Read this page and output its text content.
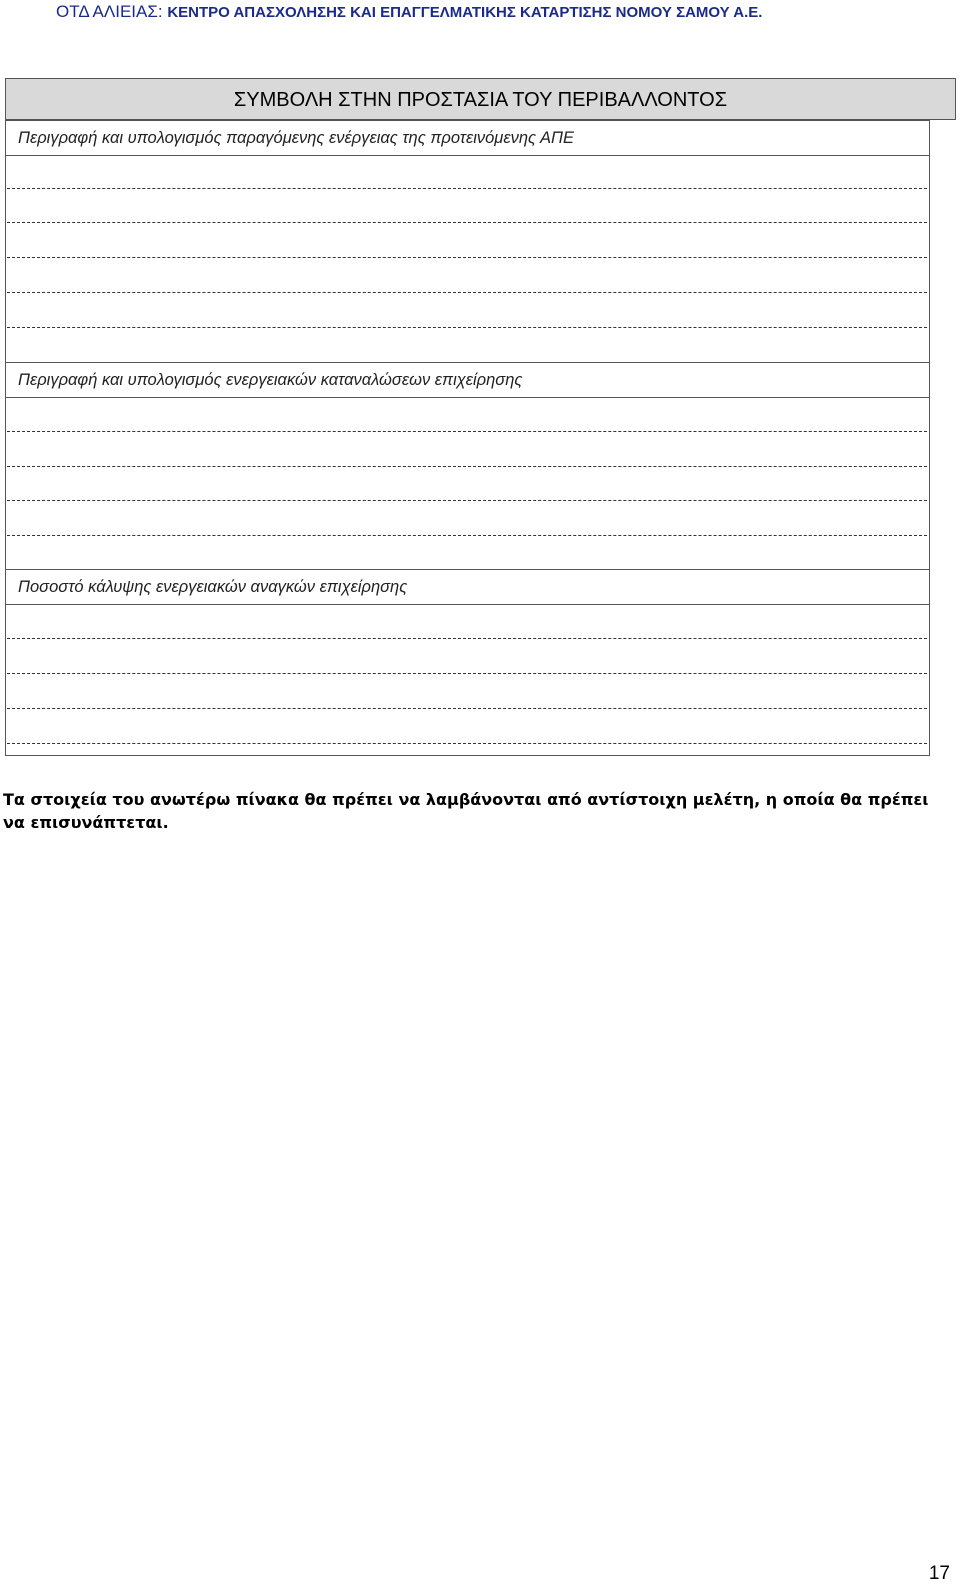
ΟΤΔ ΑΛΙΕΙΑΣ: ΚΕΝΤΡΟ ΑΠΑΣΧΟΛΗΣΗΣ ΚΑΙ ΕΠΑΓΓΕΛΜΑΤΙΚΗΣ ΚΑΤΑΡΤΙΣΗΣ ΝΟΜΟΥ ΣΑΜΟΥ Α.Ε.
ΣΥΜΒΟΛΗ ΣΤΗΝ ΠΡΟΣΤΑΣΙΑ ΤΟΥ ΠΕΡΙΒΑΛΛΟΝΤΟΣ
Περιγραφή και υπολογισμός παραγόμενης ενέργειας της προτεινόμενης ΑΠΕ
Περιγραφή και υπολογισμός ενεργειακών καταναλώσεων επιχείρησης
Ποσοστό κάλυψης ενεργειακών αναγκών επιχείρησης
Τα στοιχεία του ανωτέρω πίνακα θα πρέπει να λαμβάνονται από αντίστοιχη μελέτη, η οποία θα πρέπει
να επισυνάπτεται.
17
